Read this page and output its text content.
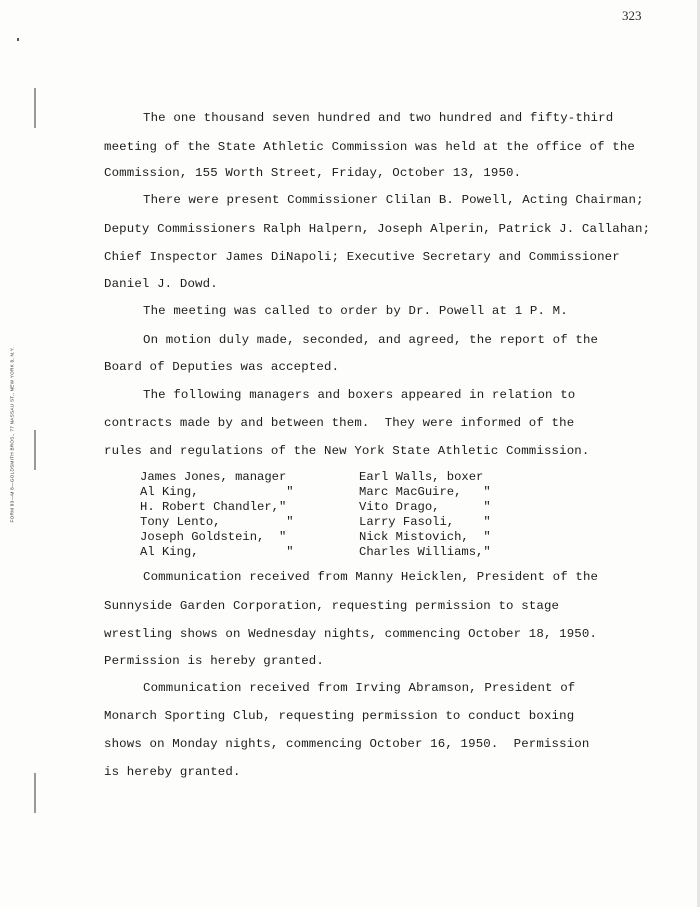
323
FORM 83—M 8—GOLDSMITH BROS., 77 NASSAU ST., NEW YORK 8, N.Y.
The one thousand seven hundred and two hundred and fifty-third
meeting of the State Athletic Commission was held at the office of the
Commission, 155 Worth Street, Friday, October 13, 1950.
There were present Commissioner Clilan B. Powell, Acting Chairman;
Deputy Commissioners Ralph Halpern, Joseph Alperin, Patrick J. Callahan;
Chief Inspector James DiNapoli; Executive Secretary and Commissioner
Daniel J. Dowd.
The meeting was called to order by Dr. Powell at 1 P. M.
On motion duly made, seconded, and agreed, the report of the
Board of Deputies was accepted.
The following managers and boxers appeared in relation to
contracts made by and between them.  They were informed of the
rules and regulations of the New York State Athletic Commission.
James Jones, manager
Al King,            "
H. Robert Chandler,"
Tony Lento,         "
Joseph Goldstein,  "
Al King,            "
Earl Walls, boxer
Marc MacGuire,   "
Vito Drago,      "
Larry Fasoli,    "
Nick Mistovich,  "
Charles Williams,"
Communication received from Manny Heicklen, President of the
Sunnyside Garden Corporation, requesting permission to stage
wrestling shows on Wednesday nights, commencing October 18, 1950.
Permission is hereby granted.
Communication received from Irving Abramson, President of
Monarch Sporting Club, requesting permission to conduct boxing
shows on Monday nights, commencing October 16, 1950.  Permission
is hereby granted.
